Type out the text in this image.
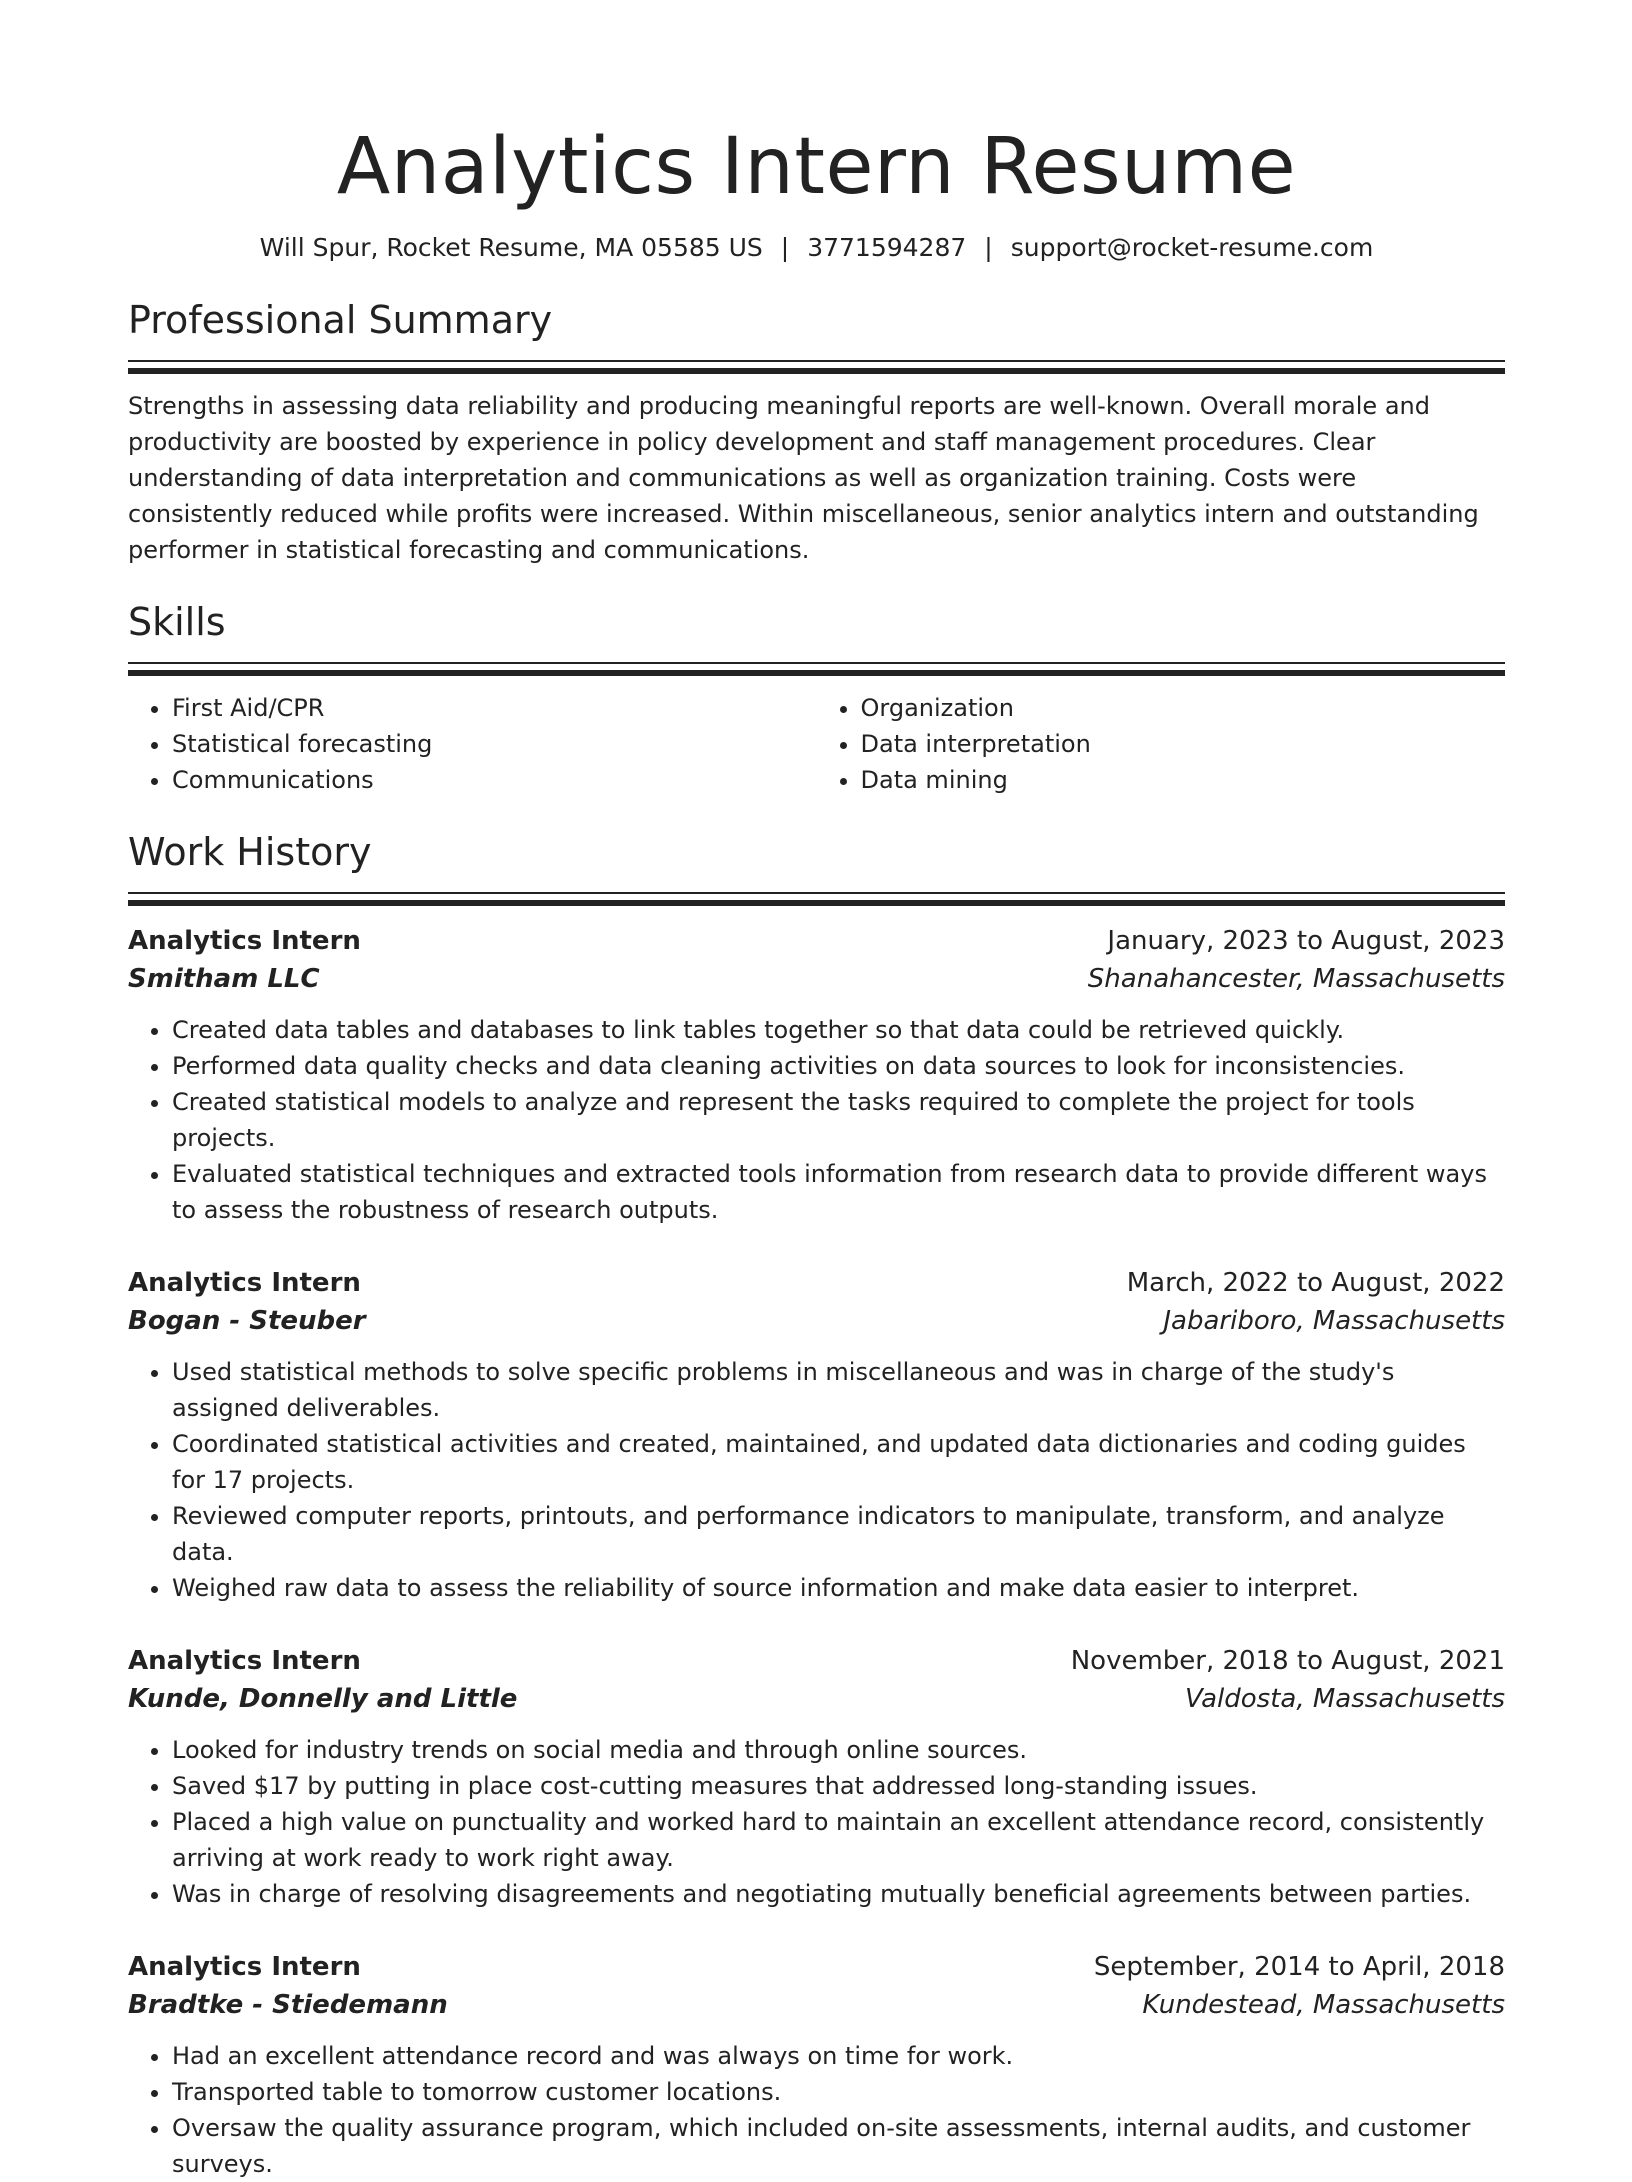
Analytics Intern Resume
Will Spur, Rocket Resume, MA 05585 US | 3771594287 | support@rocket-resume.com
Professional Summary
Strengths in assessing data reliability and producing meaningful reports are well-known. Overall morale and productivity are boosted by experience in policy development and staff management procedures. Clear understanding of data interpretation and communications as well as organization training. Costs were consistently reduced while profits were increased. Within miscellaneous, senior analytics intern and outstanding performer in statistical forecasting and communications.
Skills
• First Aid/CPR
• Statistical forecasting
• Communications
• Organization
• Data interpretation
• Data mining
Work History
Analytics Intern	January, 2023 to August, 2023
Smitham LLC	Shanahancester, Massachusetts
• Created data tables and databases to link tables together so that data could be retrieved quickly.
• Performed data quality checks and data cleaning activities on data sources to look for inconsistencies.
• Created statistical models to analyze and represent the tasks required to complete the project for tools projects.
• Evaluated statistical techniques and extracted tools information from research data to provide different ways to assess the robustness of research outputs.
Analytics Intern	March, 2022 to August, 2022
Bogan - Steuber	Jabariboro, Massachusetts
• Used statistical methods to solve specific problems in miscellaneous and was in charge of the study's assigned deliverables.
• Coordinated statistical activities and created, maintained, and updated data dictionaries and coding guides for 17 projects.
• Reviewed computer reports, printouts, and performance indicators to manipulate, transform, and analyze data.
• Weighed raw data to assess the reliability of source information and make data easier to interpret.
Analytics Intern	November, 2018 to August, 2021
Kunde, Donnelly and Little	Valdosta, Massachusetts
• Looked for industry trends on social media and through online sources.
• Saved $17 by putting in place cost-cutting measures that addressed long-standing issues.
• Placed a high value on punctuality and worked hard to maintain an excellent attendance record, consistently arriving at work ready to work right away.
• Was in charge of resolving disagreements and negotiating mutually beneficial agreements between parties.
Analytics Intern	September, 2014 to April, 2018
Bradtke - Stiedemann	Kundestead, Massachusetts
• Had an excellent attendance record and was always on time for work.
• Transported table to tomorrow customer locations.
• Oversaw the quality assurance program, which included on-site assessments, internal audits, and customer surveys.
